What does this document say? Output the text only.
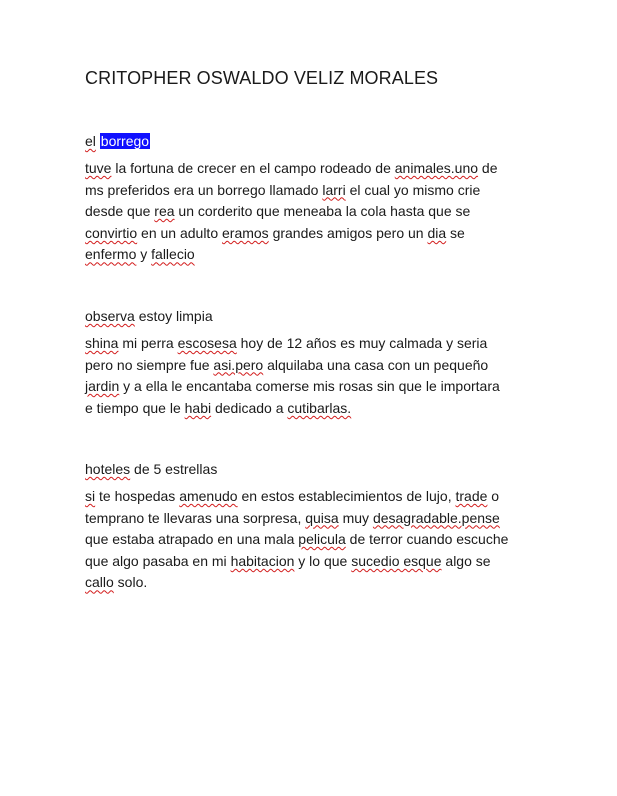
CRITOPHER OSWALDO VELIZ MORALES
el borrego
tuve la fortuna de crecer en el campo rodeado de animales.uno de
ms preferidos era un borrego llamado larri el cual yo mismo crie
desde que rea un corderito que meneaba la cola hasta que se
convirtio en un adulto eramos grandes amigos pero un dia se
enfermo y fallecio
observa estoy limpia
shina mi perra escosesa hoy de 12 años es muy calmada y seria
pero no siempre fue asi.pero alquilaba una casa con un pequeño
jardin y a ella le encantaba comerse mis rosas sin que le importara
e tiempo que le habi dedicado a cutibarlas.
hoteles de 5 estrellas
si te hospedas amenudo en estos establecimientos de lujo, trade o
temprano te llevaras una sorpresa, quisa muy desagradable.pense
que estaba atrapado en una mala pelicula de terror cuando escuche
que algo pasaba en mi habitacion y lo que sucedio esque algo se
callo solo.
